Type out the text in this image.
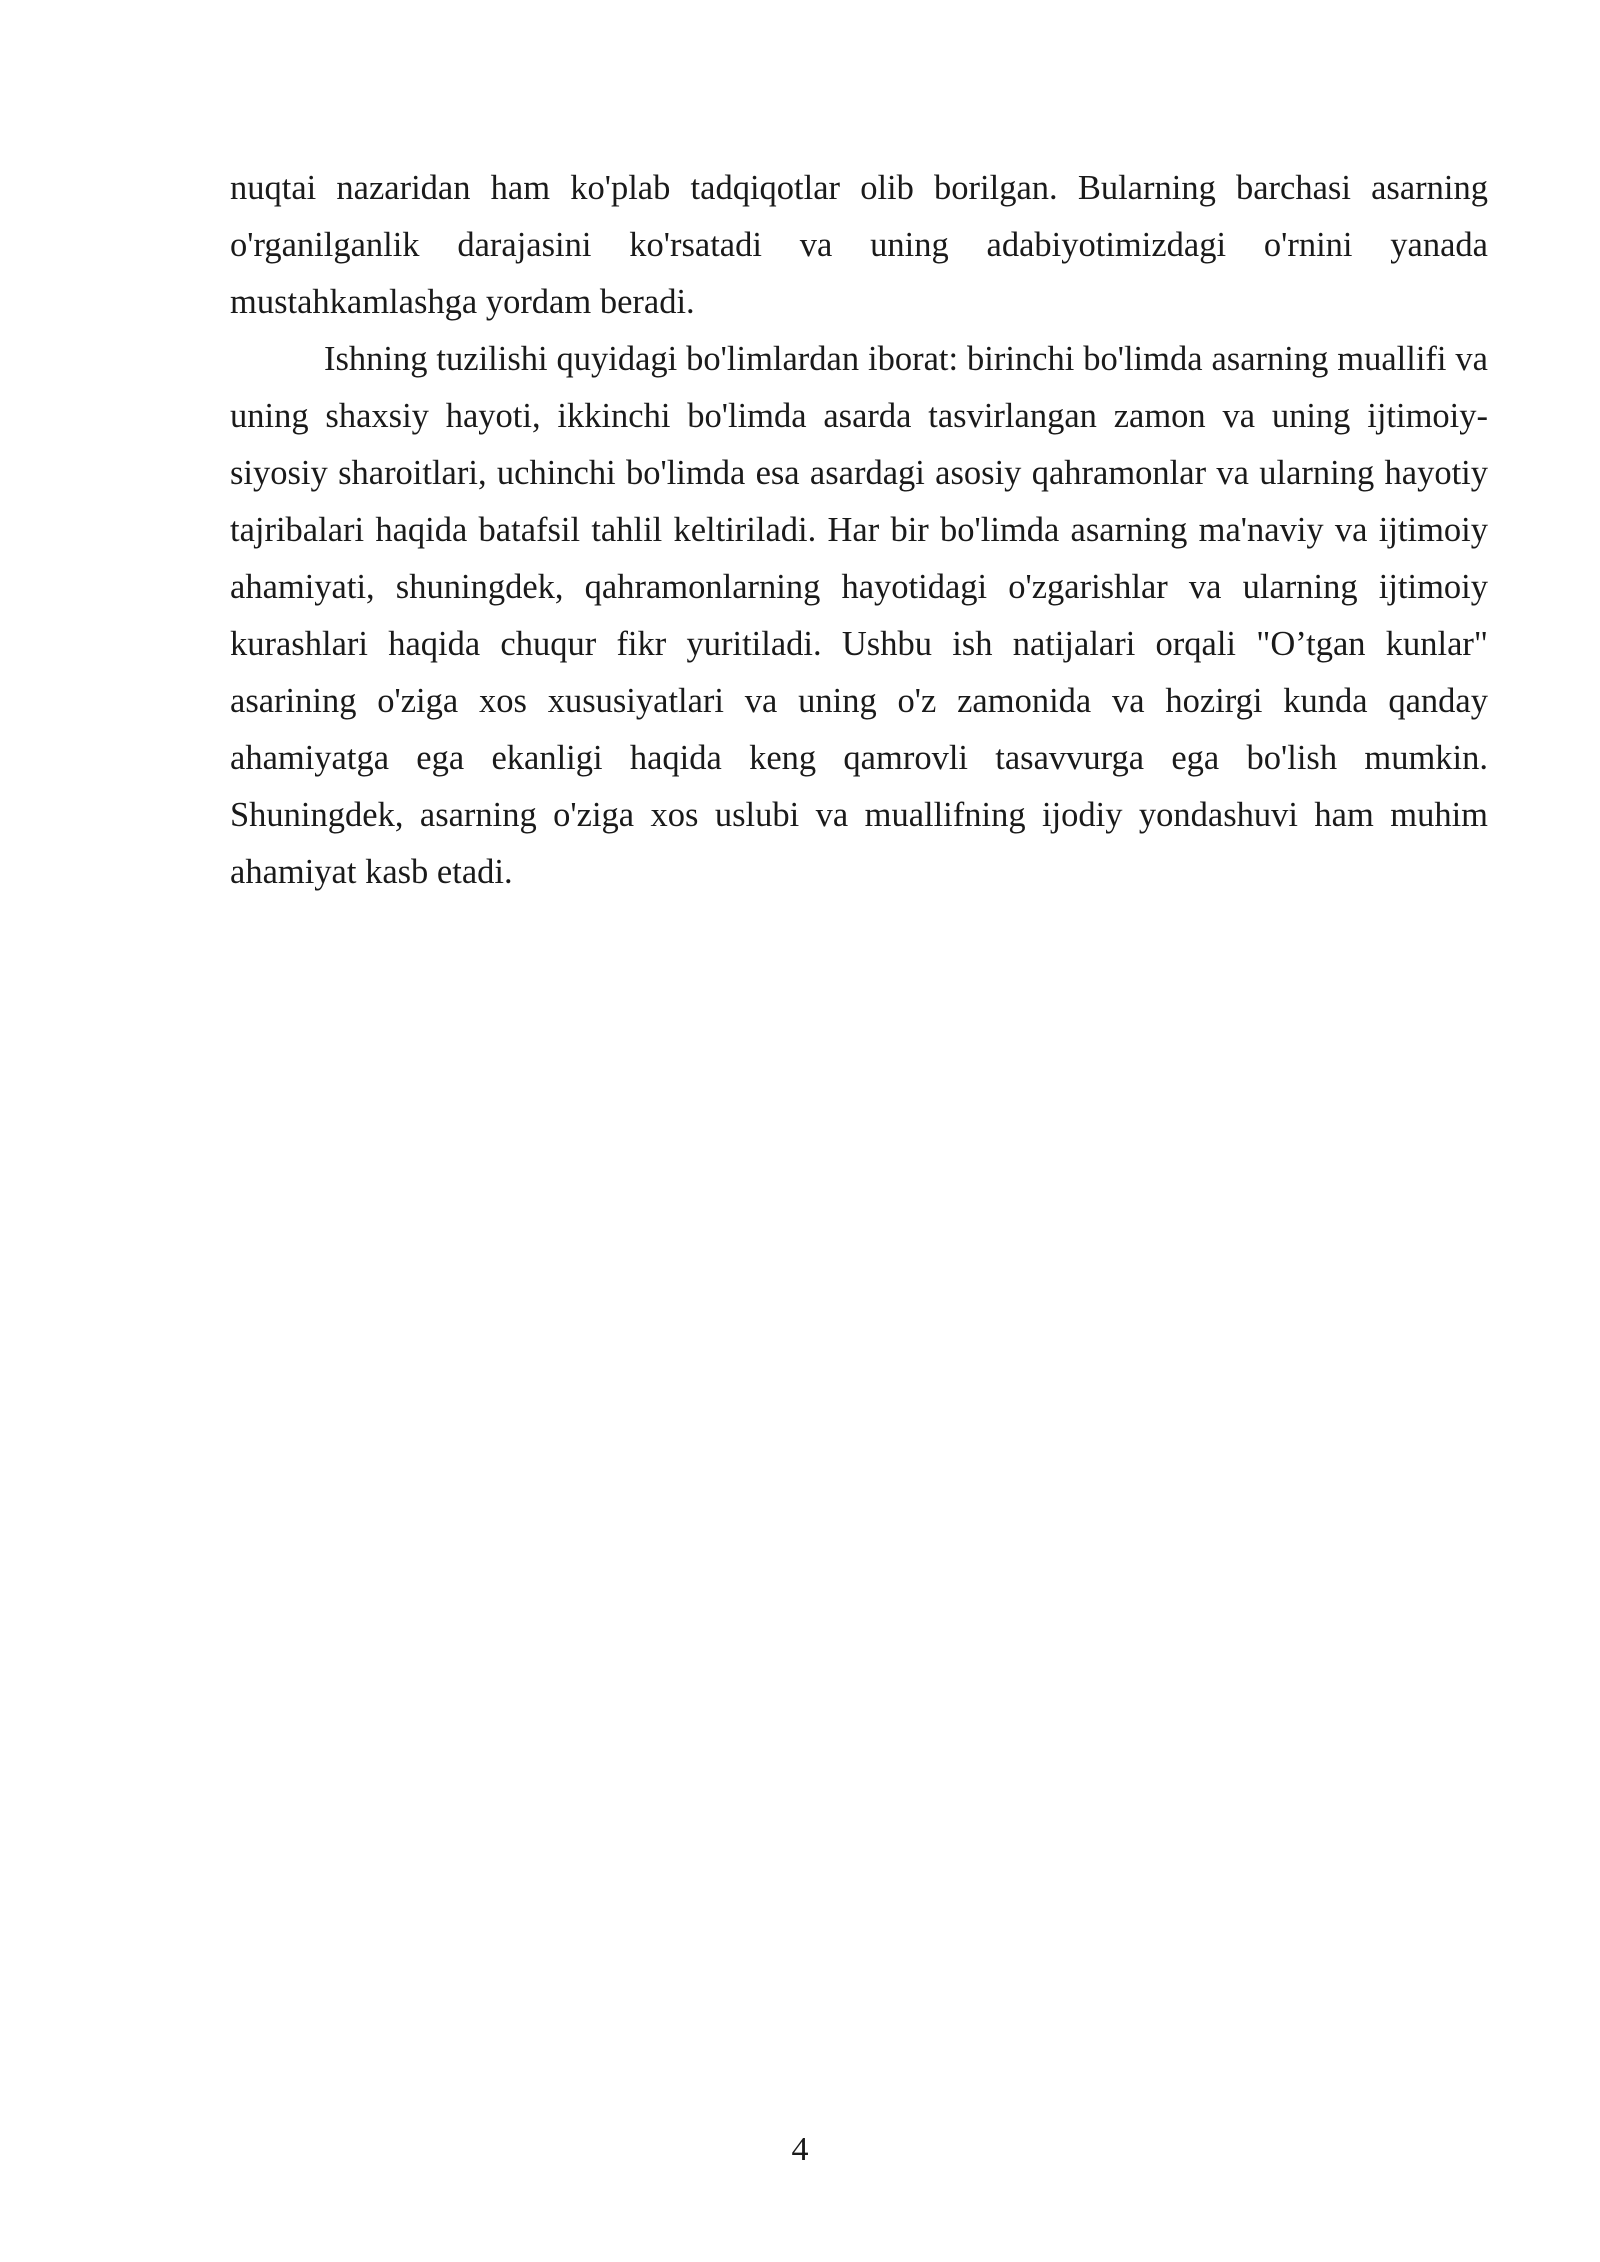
nuqtai nazaridan ham ko'plab tadqiqotlar olib borilgan. Bularning barchasi asarning o'rganilganlik darajasini ko'rsatadi va uning adabiyotimizdagi o'rnini yanada mustahkamlashga yordam beradi.

Ishning tuzilishi quyidagi bo'limlardan iborat: birinchi bo'limda asarning muallifi va uning shaxsiy hayoti, ikkinchi bo'limda asarda tasvirlangan zamon va uning ijtimoiy-siyosiy sharoitlari, uchinchi bo'limda esa asardagi asosiy qahramonlar va ularning hayotiy tajribalari haqida batafsil tahlil keltiriladi. Har bir bo'limda asarning ma'naviy va ijtimoiy ahamiyati, shuningdek, qahramonlarning hayotidagi o'zgarishlar va ularning ijtimoiy kurashlari haqida chuqur fikr yuritiladi. Ushbu ish natijalari orqali "O’tgan kunlar" asarining o'ziga xos xususiyatlari va uning o'z zamonida va hozirgi kunda qanday ahamiyatga ega ekanligi haqida keng qamrovli tasavvurga ega bo'lish mumkin. Shuningdek, asarning o'ziga xos uslubi va muallifning ijodiy yondashuvi ham muhim ahamiyat kasb etadi.

4
